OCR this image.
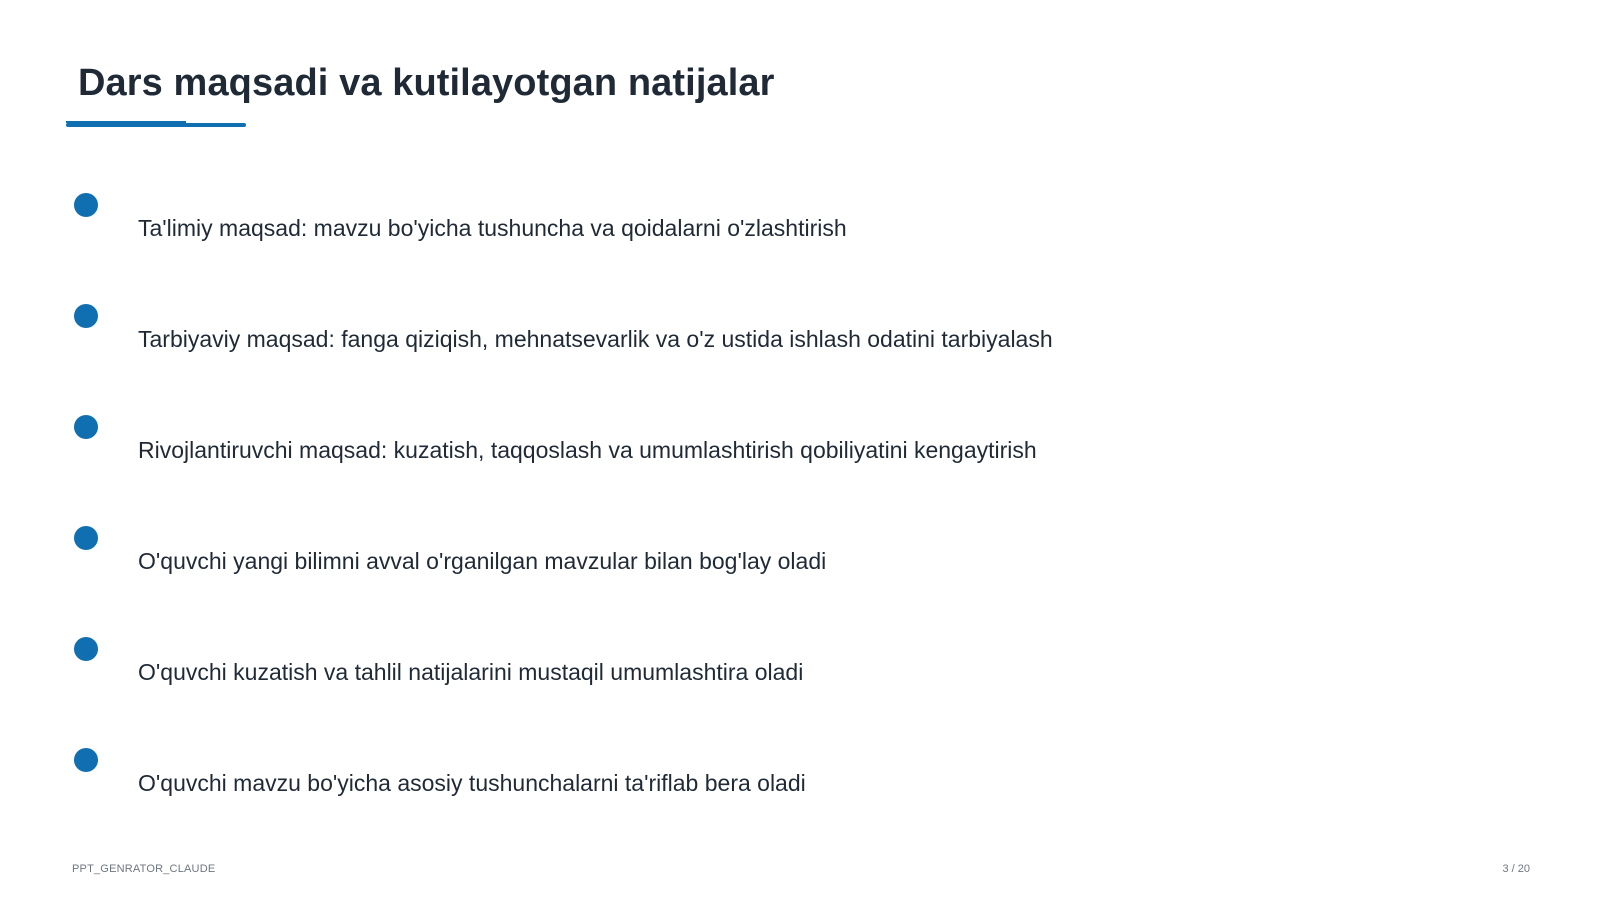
Dars maqsadi va kutilayotgan natijalar
Ta'limiy maqsad: mavzu bo'yicha tushuncha va qoidalarni o'zlashtirish
Tarbiyaviy maqsad: fanga qiziqish, mehnatsevarlik va o'z ustida ishlash odatini tarbiyalash
Rivojlantiruvchi maqsad: kuzatish, taqqoslash va umumlashtirish qobiliyatini kengaytirish
O'quvchi yangi bilimni avval o'rganilgan mavzular bilan bog'lay oladi
O'quvchi kuzatish va tahlil natijalarini mustaqil umumlashtira oladi
O'quvchi mavzu bo'yicha asosiy tushunchalarni ta'riflab bera oladi
PPT_GENRATOR_CLAUDE	3 / 20
